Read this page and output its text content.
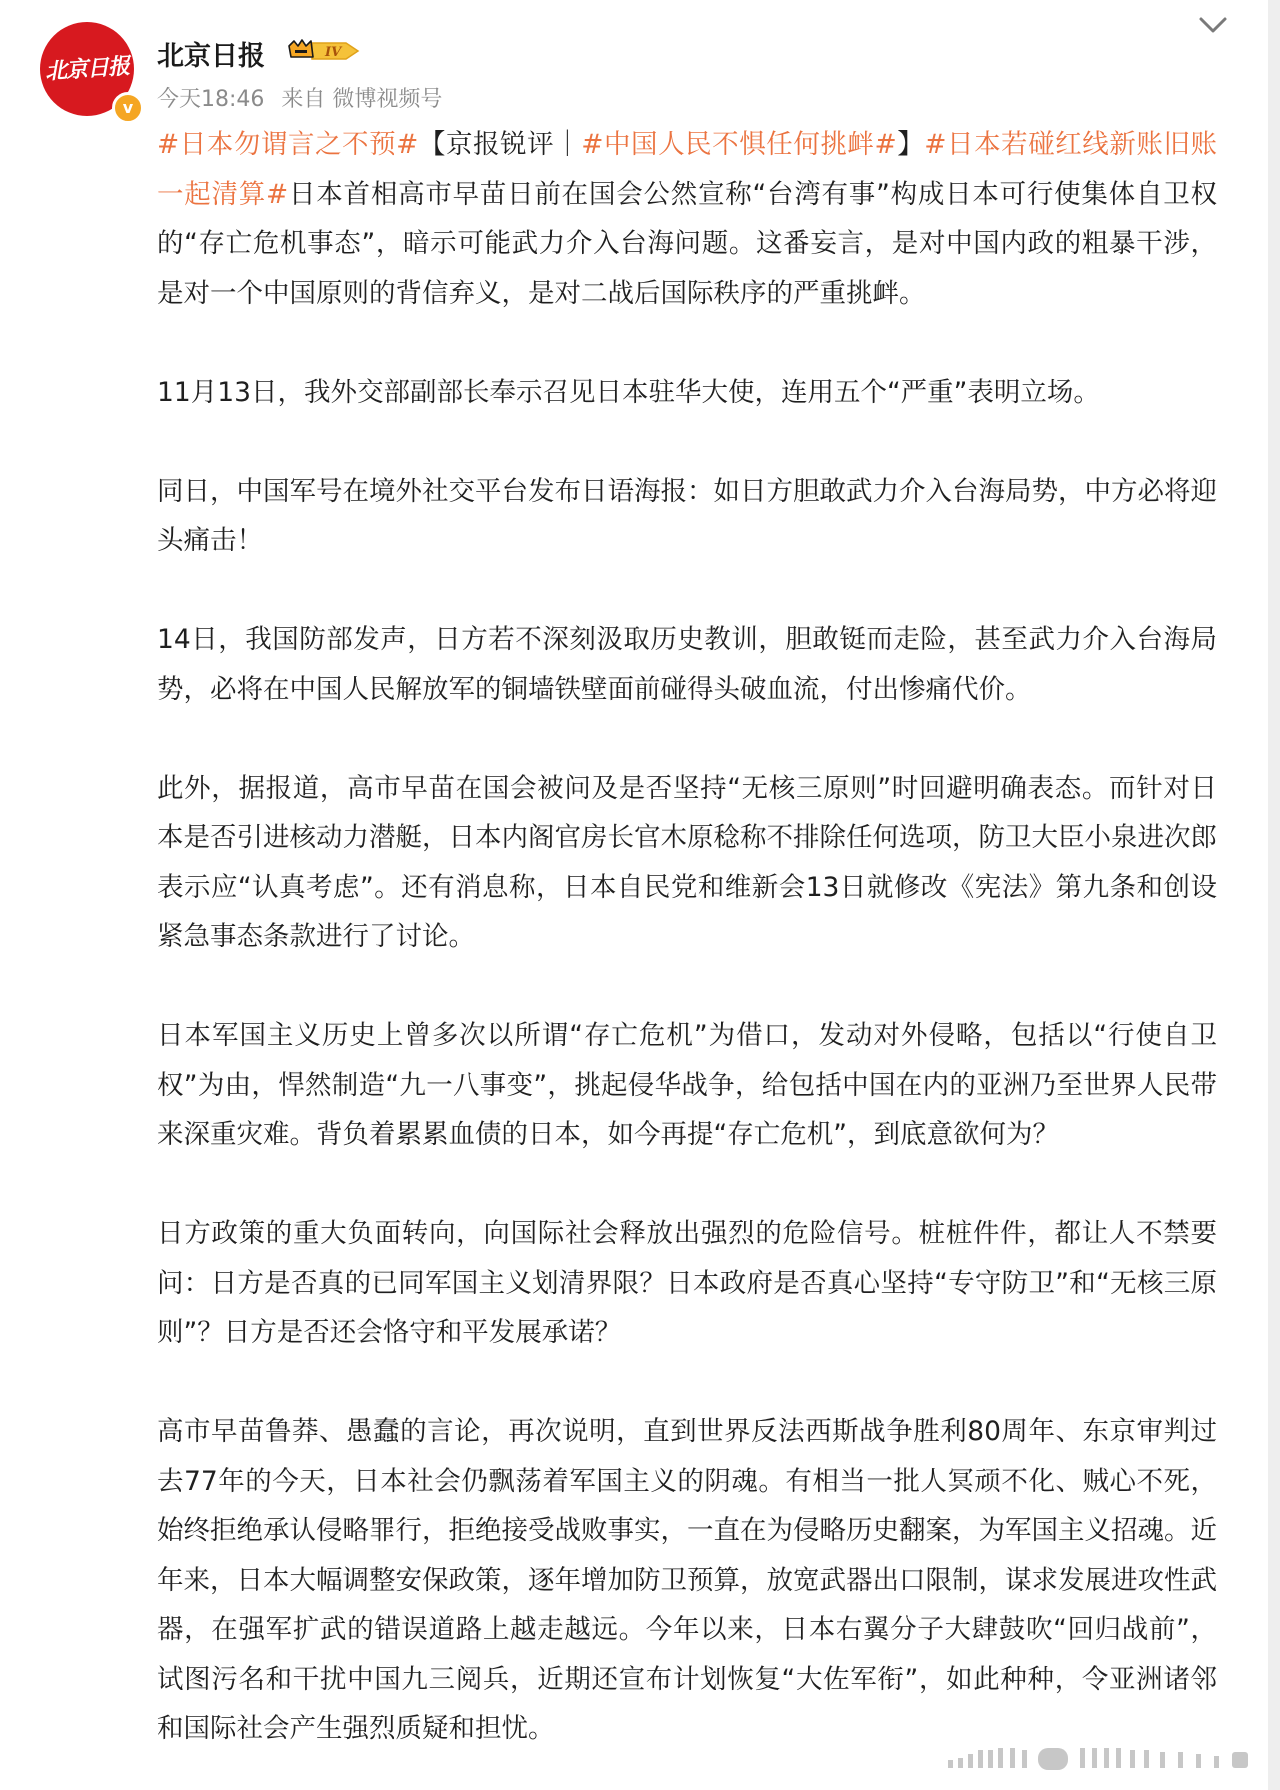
北京日报
v
北京日报	IV
今天18:46 来自 微博视频号

#日本勿谓言之不预#【京报锐评｜#中国人民不惧任何挑衅#】#日本若碰红线新账旧账一起清算#日本首相高市早苗日前在国会公然宣称“台湾有事”构成日本可行使集体自卫权的“存亡危机事态”，暗示可能武力介入台海问题。这番妄言，是对中国内政的粗暴干涉，是对一个中国原则的背信弃义，是对二战后国际秩序的严重挑衅。

11月13日，我外交部副部长奉示召见日本驻华大使，连用五个“严重”表明立场。

同日，中国军号在境外社交平台发布日语海报：如日方胆敢武力介入台海局势，中方必将迎头痛击！

14日，我国防部发声，日方若不深刻汲取历史教训，胆敢铤而走险，甚至武力介入台海局势，必将在中国人民解放军的铜墙铁壁面前碰得头破血流，付出惨痛代价。

此外，据报道，高市早苗在国会被问及是否坚持“无核三原则”时回避明确表态。而针对日本是否引进核动力潜艇，日本内阁官房长官木原稔称不排除任何选项，防卫大臣小泉进次郎表示应“认真考虑”。还有消息称，日本自民党和维新会13日就修改《宪法》第九条和创设紧急事态条款进行了讨论。

日本军国主义历史上曾多次以所谓“存亡危机”为借口，发动对外侵略，包括以“行使自卫权”为由，悍然制造“九一八事变”，挑起侵华战争，给包括中国在内的亚洲乃至世界人民带来深重灾难。背负着累累血债的日本，如今再提“存亡危机”，到底意欲何为？

日方政策的重大负面转向，向国际社会释放出强烈的危险信号。桩桩件件，都让人不禁要问：日方是否真的已同军国主义划清界限？日本政府是否真心坚持“专守防卫”和“无核三原则”？日方是否还会恪守和平发展承诺？

高市早苗鲁莽、愚蠢的言论，再次说明，直到世界反法西斯战争胜利80周年、东京审判过去77年的今天，日本社会仍飘荡着军国主义的阴魂。有相当一批人冥顽不化、贼心不死，始终拒绝承认侵略罪行，拒绝接受战败事实，一直在为侵略历史翻案，为军国主义招魂。近年来，日本大幅调整安保政策，逐年增加防卫预算，放宽武器出口限制，谋求发展进攻性武器，在强军扩武的错误道路上越走越远。今年以来，日本右翼分子大肆鼓吹“回归战前”，试图污名和干扰中国九三阅兵，近期还宣布计划恢复“大佐军衔”，如此种种，令亚洲诸邻和国际社会产生强烈质疑和担忧。
